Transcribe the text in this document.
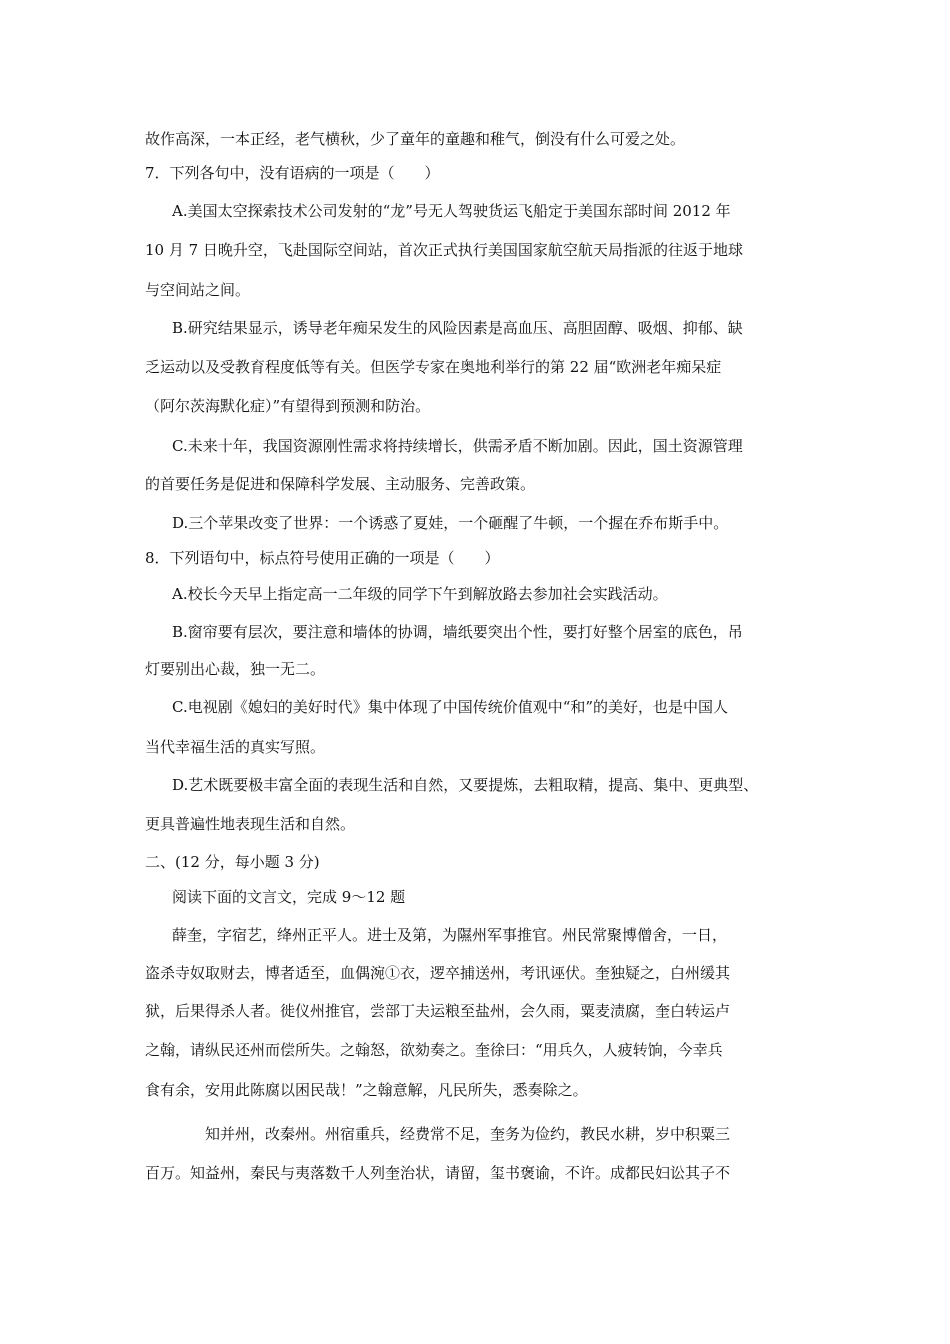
故作高深，一本正经，老气横秋，少了童年的童趣和稚气，倒没有什么可爱之处。
7．下列各句中，没有语病的一项是（　　）
A.美国太空探索技术公司发射的“龙”号无人驾驶货运飞船定于美国东部时间 2012 年
10 月 7 日晚升空，飞赴国际空间站，首次正式执行美国国家航空航天局指派的往返于地球
与空间站之间。
B.研究结果显示，诱导老年痴呆发生的风险因素是高血压、高胆固醇、吸烟、抑郁、缺
乏运动以及受教育程度低等有关。但医学专家在奥地利举行的第 22 届“欧洲老年痴呆症
（阿尔茨海默化症）”有望得到预测和防治。
C.未来十年，我国资源刚性需求将持续增长，供需矛盾不断加剧。因此，国土资源管理
的首要任务是促进和保障科学发展、主动服务、完善政策。
D.三个苹果改变了世界：一个诱惑了夏娃，一个砸醒了牛顿，一个握在乔布斯手中。
8．下列语句中，标点符号使用正确的一项是（　　）
A.校长今天早上指定高一二年级的同学下午到解放路去参加社会实践活动。
B.窗帘要有层次，要注意和墙体的协调，墙纸要突出个性，要打好整个居室的底色，吊
灯要别出心裁，独一无二。
C.电视剧《媳妇的美好时代》集中体现了中国传统价值观中“和”的美好，也是中国人
当代幸福生活的真实写照。
D.艺术既要极丰富全面的表现生活和自然，又要提炼，去粗取精，提高、集中、更典型、
更具普遍性地表现生活和自然。
二、(12 分，每小题 3 分)
阅读下面的文言文，完成 9～12 题
薛奎，字宿艺，绛州正平人。进士及第，为隰州军事推官。州民常聚博僧舍，一日，
盗杀寺奴取财去，博者适至，血偶涴①衣，逻卒捕送州，考讯诬伏。奎独疑之，白州缓其
狱，后果得杀人者。徙仪州推官，尝部丁夫运粮至盐州，会久雨，粟麦渍腐，奎白转运卢
之翰，请纵民还州而偿所失。之翰怒，欲劾奏之。奎徐曰：“用兵久，人疲转饷，今幸兵
食有余，安用此陈腐以困民哉！”之翰意解，凡民所失，悉奏除之。
知并州，改秦州。州宿重兵，经费常不足，奎务为俭约，教民水耕，岁中积粟三
百万。知益州，秦民与夷落数千人列奎治状，请留，玺书褒谕，不许。成都民妇讼其子不
